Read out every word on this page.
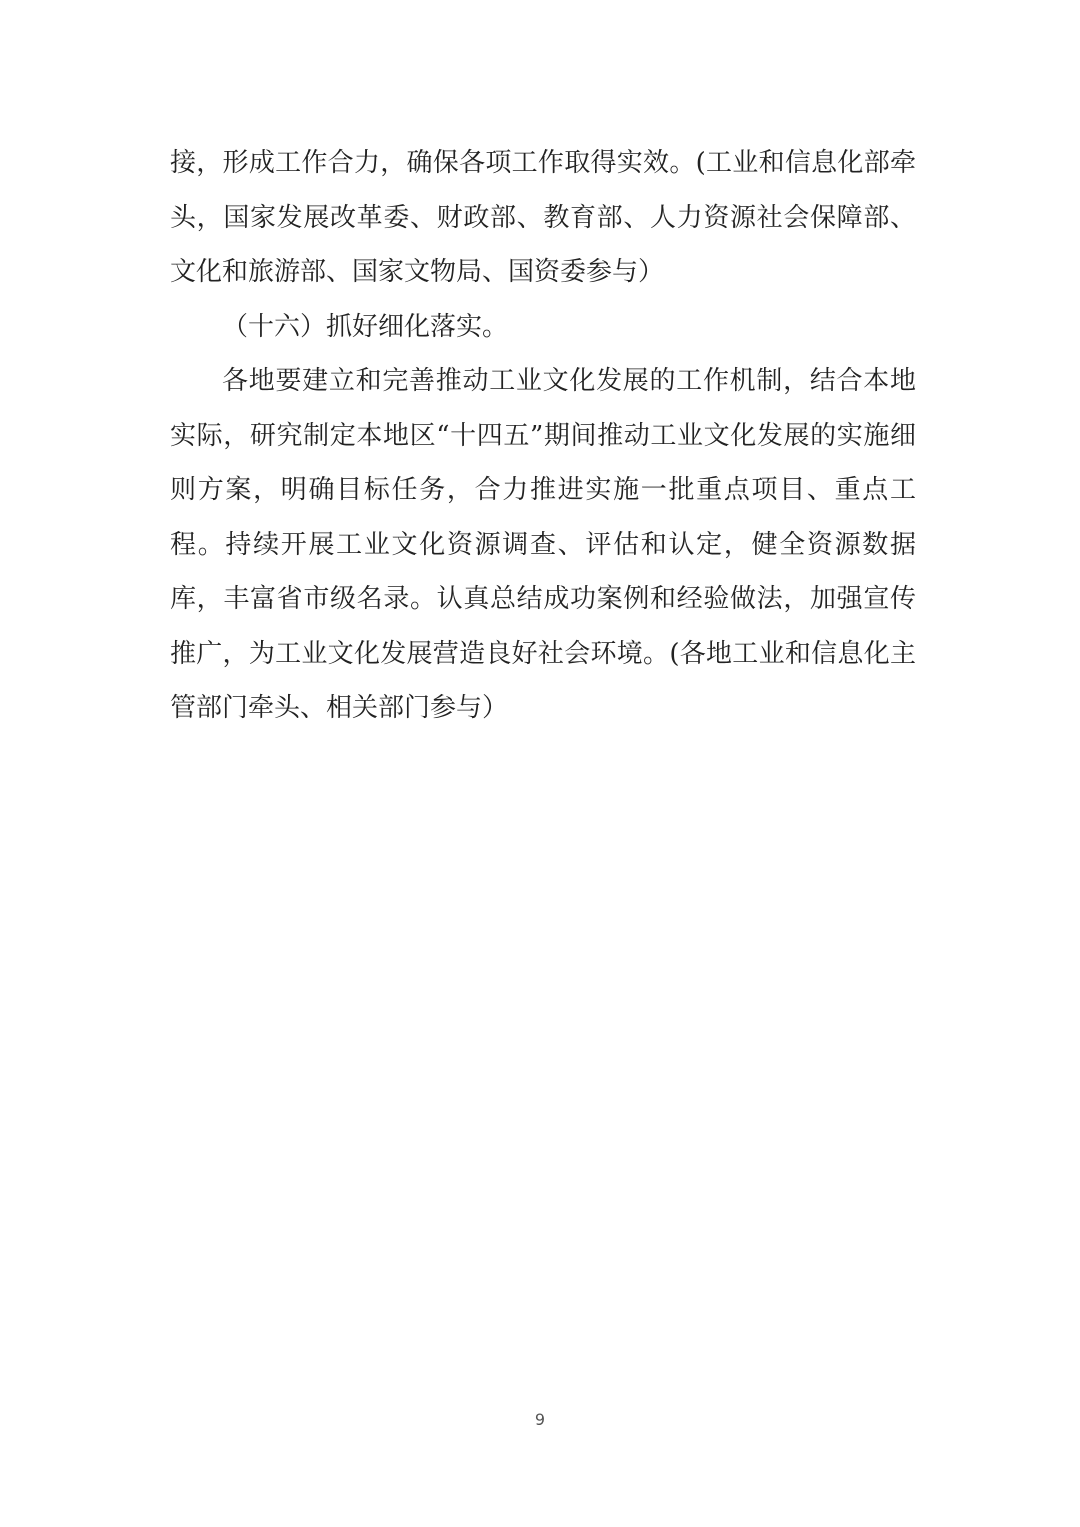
接，形成工作合力，确保各项工作取得实效。(工业和信息化部牵头，国家发展改革委、财政部、教育部、人力资源社会保障部、文化和旅游部、国家文物局、国资委参与）

（十六）抓好细化落实。

各地要建立和完善推动工业文化发展的工作机制，结合本地实际，研究制定本地区“十四五”期间推动工业文化发展的实施细则方案，明确目标任务，合力推进实施一批重点项目、重点工程。持续开展工业文化资源调查、评估和认定，健全资源数据库，丰富省市级名录。认真总结成功案例和经验做法，加强宣传推广，为工业文化发展营造良好社会环境。(各地工业和信息化主管部门牵头、相关部门参与）

9
